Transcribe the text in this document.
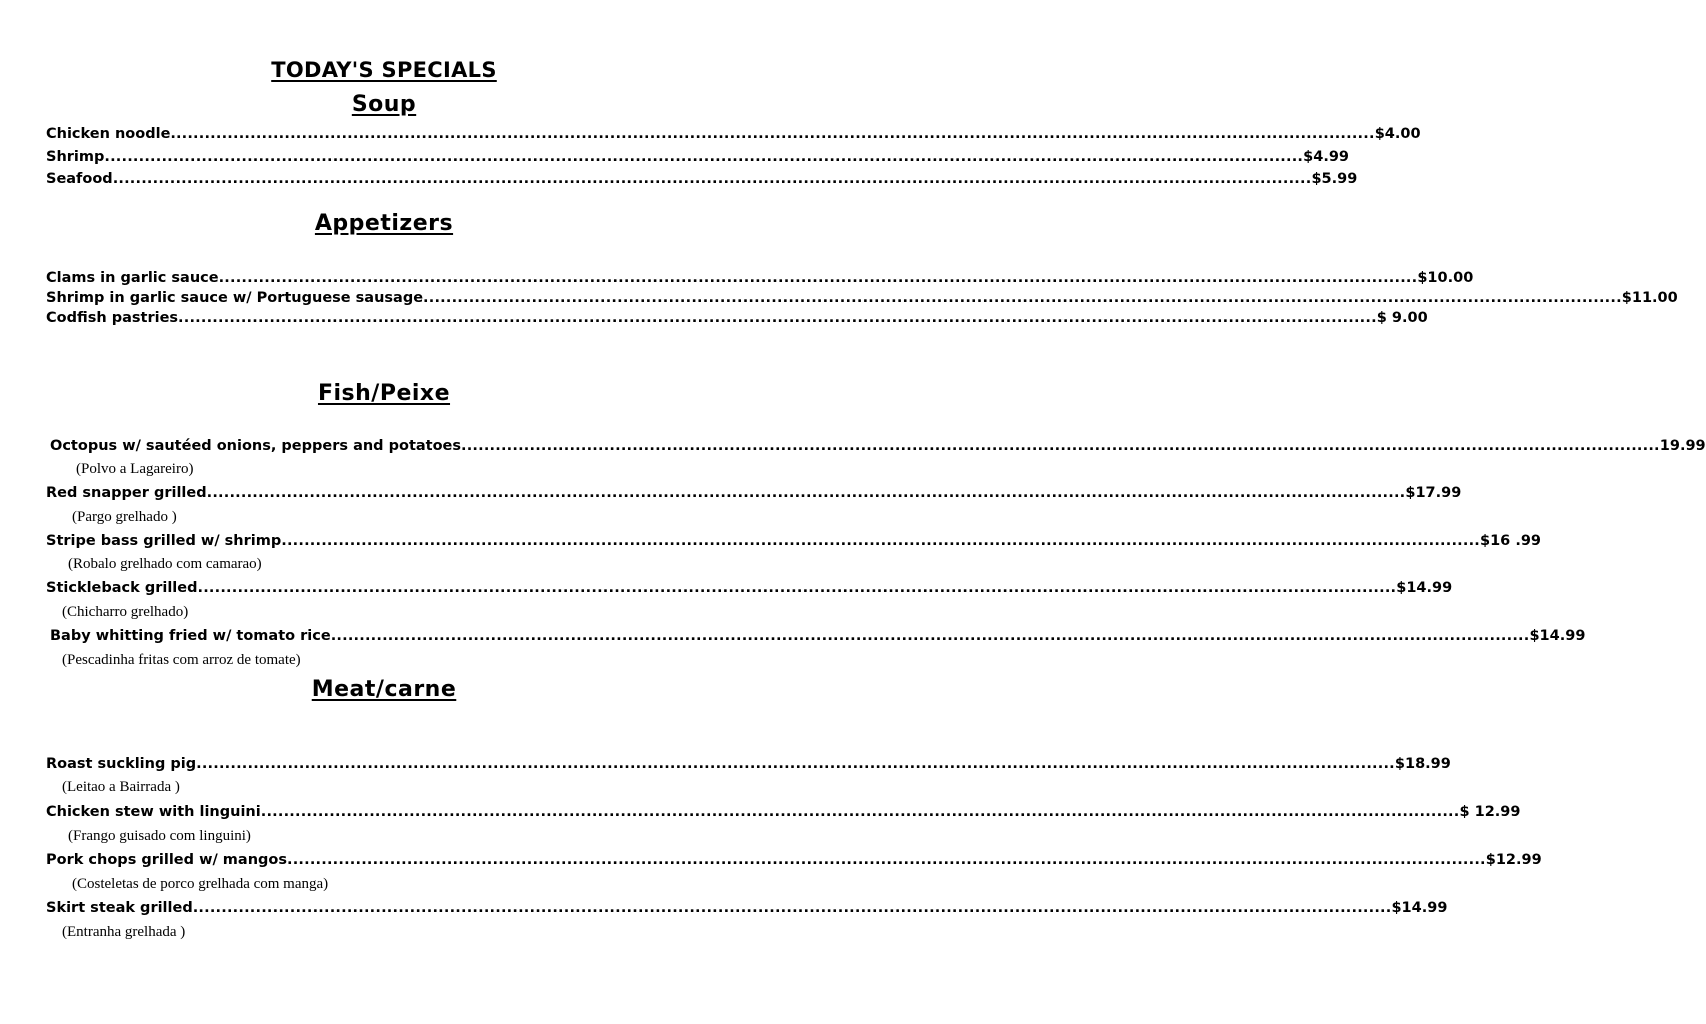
TODAY'S SPECIALS
Soup
Chicken noodle. .................................................................................................................................................................................................................. $4.00
Shrimp .................................................................................................................................................................................................................. $4.99
Seafood .................................................................................................................................................................................................................. $5.99
Appetizers
Clams in garlic sauce .................................................................................................................................................................................................................. $10.00
Shrimp in garlic sauce w/ Portuguese sausage .................................................................................................................................................................................................................. $11.00
Codfish pastries .................................................................................................................................................................................................................. $ 9.00
Fish/Peixe
Octopus w/ sautéed onions, peppers and potatoes .................................................................................................................................................................................................................. 19.99
(Polvo a Lagareiro)
Red snapper grilled .................................................................................................................................................................................................................. $17.99
(Pargo grelhado )
Stripe bass grilled w/ shrimp .................................................................................................................................................................................................................. $16 .99
(Robalo grelhado com camarao)
Stickleback grilled .................................................................................................................................................................................................................. $14.99
(Chicharro grelhado)
Baby whitting fried w/ tomato rice .................................................................................................................................................................................................................. $14.99
(Pescadinha fritas com arroz de tomate)
Meat/carne
Roast suckling pig .................................................................................................................................................................................................................. $18.99
(Leitao a Bairrada )
Chicken stew with linguini .................................................................................................................................................................................................................. $ 12.99
(Frango guisado com linguini)
Pork chops grilled w/ mangos .................................................................................................................................................................................................................. $12.99
(Costeletas de porco grelhada com manga)
Skirt steak grilled .................................................................................................................................................................................................................. $14.99
(Entranha grelhada )
